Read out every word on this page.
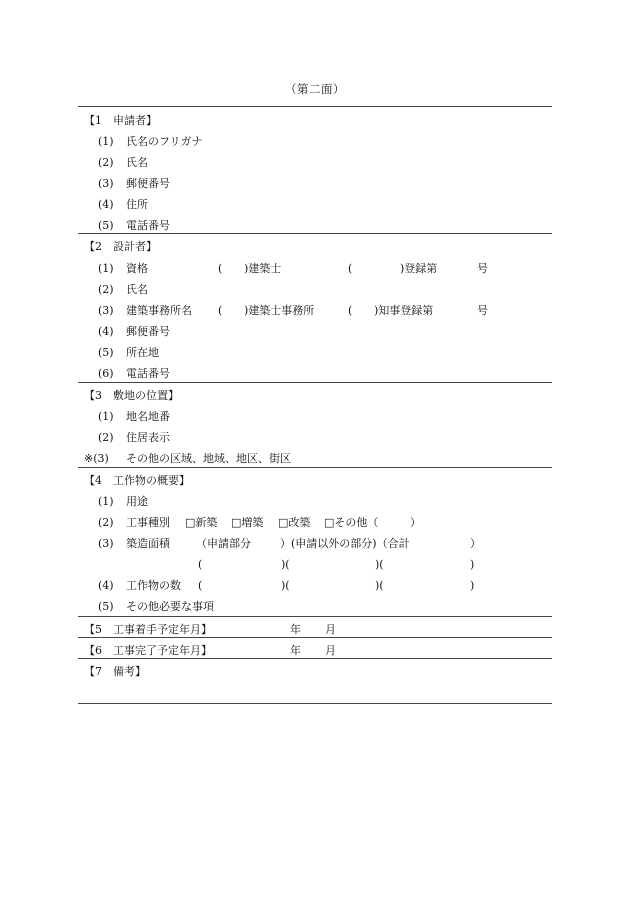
（第二面）
【1　申請者】
(1) 氏名のフリガナ
(2) 氏名
(3) 郵便番号
(4) 住所
(5) 電話番号
【2　設計者】
(1) 資格	( )建築士	(	)登録第	号
(2) 氏名
(3) 建築事務所名 ( )建築士事務所	( )知事登録第	号
(4) 郵便番号
(5) 所在地
(6) 電話番号
【3　敷地の位置】
(1) 地名地番
(2) 住居表示
※(3) その他の区域、地域、地区、街区
【4　工作物の概要】
(1) 用途
(2) 工事種別 □新築 □増築 □改築 □その他（	）
(3) 築造面積 （申請部分	）(申請以外の部分)（合計	）
(	)(	)(	)
(4) 工作物の数 (	)(	)(	)
(5) その他必要な事項
【5　工事着手予定年月】	年 月
【6　工事完了予定年月】	年 月
【7　備考】
